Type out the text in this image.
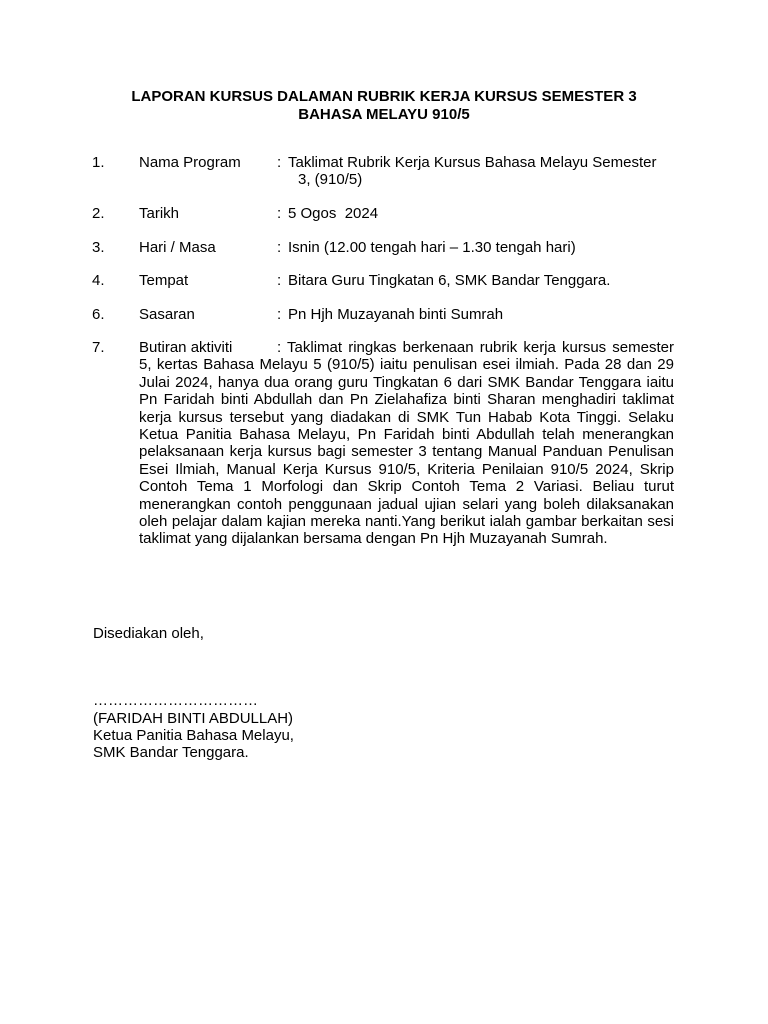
LAPORAN KURSUS DALAMAN RUBRIK KERJA KURSUS SEMESTER 3
BAHASA MELAYU 910/5
1. Nama Program : Taklimat Rubrik Kerja Kursus Bahasa Melayu Semester
3, (910/5)
2. Tarikh	: 5 Ogos  2024
3. Hari / Masa	: Isnin (12.00 tengah hari – 1.30 tengah hari)
4. Tempat	: Bitara Guru Tingkatan 6, SMK Bandar Tenggara.
6. Sasaran	: Pn Hjh Muzayanah binti Sumrah
7. Butiran aktiviti	: Taklimat ringkas berkenaan rubrik kerja kursus semester 5, kertas Bahasa Melayu 5 (910/5) iaitu penulisan esei ilmiah. Pada 28 dan 29 Julai 2024, hanya dua orang guru Tingkatan 6 dari SMK Bandar Tenggara iaitu Pn Faridah binti Abdullah dan Pn Zielahafiza binti Sharan menghadiri taklimat kerja kursus tersebut yang diadakan di SMK Tun Habab Kota Tinggi. Selaku Ketua Panitia Bahasa Melayu, Pn Faridah binti Abdullah telah menerangkan pelaksanaan kerja kursus bagi semester 3 tentang Manual Panduan Penulisan Esei Ilmiah, Manual Kerja Kursus 910/5, Kriteria Penilaian 910/5 2024, Skrip Contoh Tema 1 Morfologi dan Skrip Contoh Tema 2 Variasi. Beliau turut menerangkan contoh penggunaan jadual ujian selari yang boleh dilaksanakan oleh pelajar dalam kajian mereka nanti.Yang berikut ialah gambar berkaitan sesi taklimat yang dijalankan bersama dengan Pn Hjh Muzayanah Sumrah.
Disediakan oleh,
……………………………
(FARIDAH BINTI ABDULLAH)
Ketua Panitia Bahasa Melayu,
SMK Bandar Tenggara.
